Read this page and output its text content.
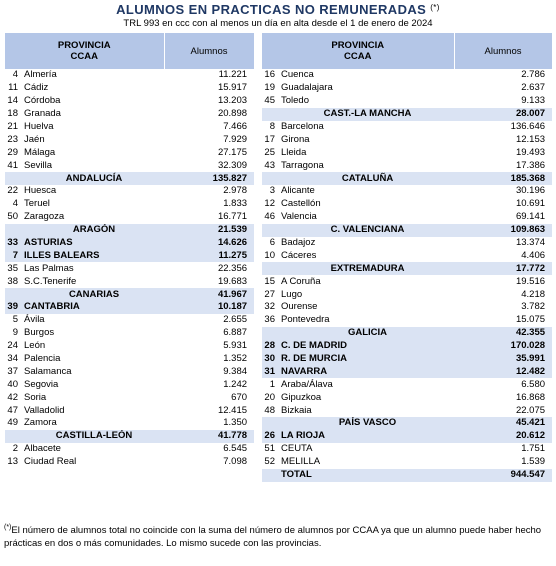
ALUMNOS EN PRACTICAS NO REMUNERADAS (*)
TRL 993 en ccc con al menos un día en alta desde el 1 de enero de 2024
PROVINCIA
CCAA		Alumnos
4	Almería	11.221
11	Cádiz	15.917
14	Córdoba	13.203
18	Granada	20.898
21	Huelva	7.466
23	Jaén	7.929
29	Málaga	27.175
41	Sevilla	32.309
	ANDALUCÍA	135.827
22	Huesca	2.978
4	Teruel	1.833
50	Zaragoza	16.771
	ARAGÓN	21.539
33	ASTURIAS	14.626
7	ILLES BALEARS	11.275
35	Las Palmas	22.356
38	S.C.Tenerife	19.683
	CANARIAS	41.967
39	CANTABRIA	10.187
5	Ávila	2.655
9	Burgos	6.887
24	León	5.931
34	Palencia	1.352
37	Salamanca	9.384
40	Segovia	1.242
42	Soria	670
47	Valladolid	12.415
49	Zamora	1.350
	CASTILLA-LEÓN	41.778
2	Albacete	6.545
13	Ciudad Real	7.098
PROVINCIA
CCAA		Alumnos
16	Cuenca	2.786
19	Guadalajara	2.637
45	Toledo	9.133
	CAST.-LA MANCHA	28.007
8	Barcelona	136.646
17	Girona	12.153
25	Lleida	19.493
43	Tarragona	17.386
	CATALUÑA	185.368
3	Alicante	30.196
12	Castellón	10.691
46	Valencia	69.141
	C. VALENCIANA	109.863
6	Badajoz	13.374
10	Cáceres	4.406
	EXTREMADURA	17.772
15	A Coruña	19.516
27	Lugo	4.218
32	Ourense	3.782
36	Pontevedra	15.075
	GALICIA	42.355
28	C. DE MADRID	170.028
30	R. DE MURCIA	35.991
31	NAVARRA	12.482
1	Araba/Álava	6.580
20	Gipuzkoa	16.868
48	Bizkaia	22.075
	PAÍS VASCO	45.421
26	LA RIOJA	20.612
51	CEUTA	1.751
52	MELILLA	1.539
	TOTAL	944.547
(*)El número de alumnos total no coincide con la suma del número de alumnos por CCAA ya que un alumno puede haber hecho prácticas en dos o más comunidades. Lo mismo sucede con las provincias.
